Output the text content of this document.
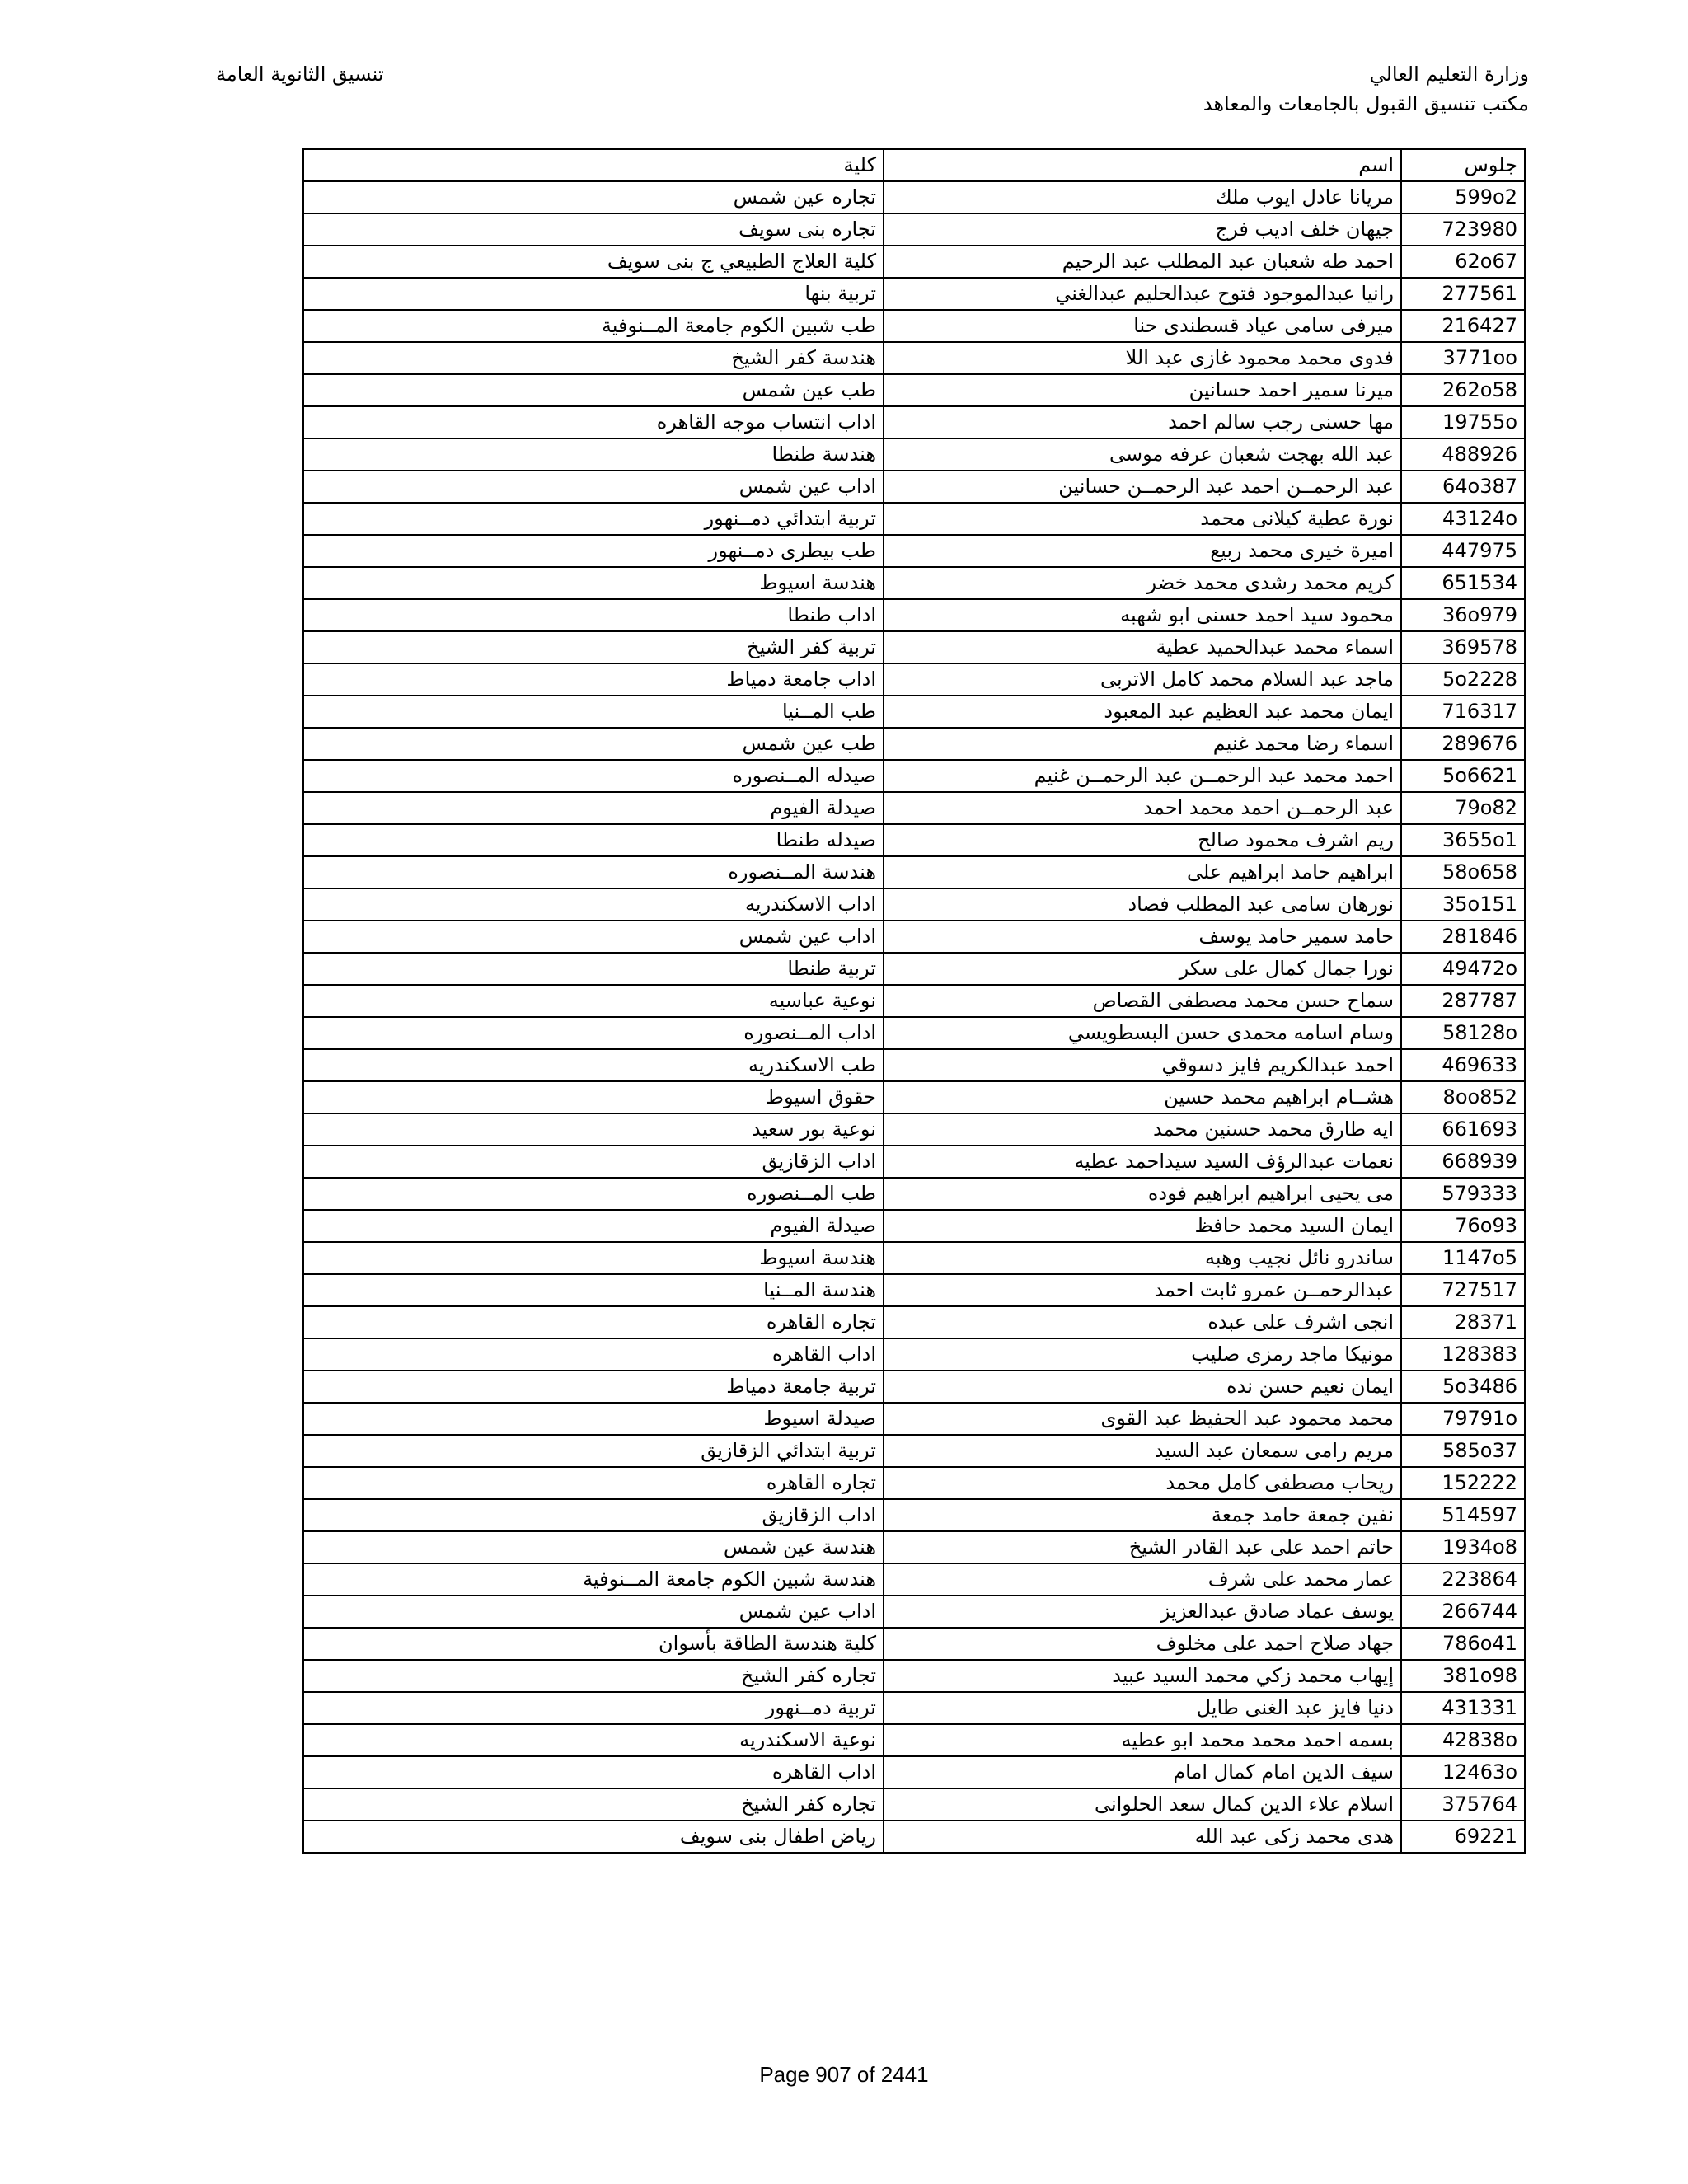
وزارة التعليم العالي
مكتب تنسيق القبول بالجامعات والمعاهد
تنسيق الثانوية العامة
جلوس	اسم	كلية
599o2	مريانا عادل ايوب ملك	تجاره عين شمس
723980	جيهان خلف اديب فرج	تجاره بنى سويف
62o67	احمد طه شعبان عبد المطلب عبد الرحيم	كلية العلاج الطبيعي ج بنى سويف
277561	رانيا عبدالموجود فتوح عبدالحليم عبدالغني	تربية بنها
216427	ميرفى سامى عياد قسطندى حنا	طب شبين الكوم جامعة المــنوفية
3771oo	فدوى محمد محمود غازى عبد اللا	هندسة كفر الشيخ
262o58	ميرنا سمير احمد حسانين	طب عين شمس
19755o	مها حسنى رجب سالم احمد	اداب انتساب موجه القاهره
488926	عبد الله بهجت شعبان عرفه موسى	هندسة طنطا
64o387	عبد الرحمــن احمد عبد الرحمــن حسانين	اداب عين شمس
43124o	نورة عطية كيلانى محمد	تربية ابتدائي دمــنهور
447975	اميرة خيرى محمد ربيع	طب بيطرى دمــنهور
651534	كريم محمد رشدى محمد خضر	هندسة اسيوط
36o979	محمود سيد احمد حسنى ابو شهبه	اداب طنطا
369578	اسماء محمد عبدالحميد عطية	تربية كفر الشيخ
5o2228	ماجد عبد السلام محمد كامل الاتربى	اداب جامعة دمياط
716317	ايمان محمد عبد العظيم عبد المعبود	طب المــنيا
289676	اسماء رضا محمد غنيم	طب عين شمس
5o6621	احمد محمد عبد الرحمــن عبد الرحمــن غنيم	صيدله المــنصوره
79o82	عبد الرحمــن احمد محمد احمد	صيدلة الفيوم
3655o1	ريم اشرف محمود صالح	صيدله طنطا
58o658	ابراهيم حامد ابراهيم على	هندسة المــنصوره
35o151	نورهان سامى عبد المطلب فصاد	اداب الاسكندريه
281846	حامد سمير حامد يوسف	اداب عين شمس
49472o	نورا جمال كمال على سكر	تربية طنطا
287787	سماح حسن محمد مصطفى القصاص	نوعية عباسيه
58128o	وسام اسامه محمدى حسن البسطويسي	اداب المــنصوره
469633	احمد عبدالكريم فايز دسوقي	طب الاسكندريه
8oo852	هشــام ابراهيم محمد حسين	حقوق اسيوط
661693	ايه طارق محمد حسنين محمد	نوعية بور سعيد
668939	نعمات عبدالرؤف السيد سيداحمد عطيه	اداب الزقازيق
579333	مى يحيى ابراهيم ابراهيم فوده	طب المــنصوره
76o93	ايمان السيد محمد حافظ	صيدلة الفيوم
1147o5	ساندرو نائل نجيب وهبه	هندسة اسيوط
727517	عبدالرحمــن عمرو ثابت احمد	هندسة المــنيا
28371	انجى اشرف على عبده	تجاره القاهره
128383	مونيكا ماجد رمزى صليب	اداب القاهره
5o3486	ايمان نعيم حسن نده	تربية جامعة دمياط
79791o	محمد محمود عبد الحفيظ عبد القوى	صيدلة اسيوط
585o37	مريم رامى سمعان عبد السيد	تربية ابتدائي الزقازيق
152222	ريحاب مصطفى كامل محمد	تجاره القاهره
514597	نفين جمعة حامد جمعة	اداب الزقازيق
1934o8	حاتم احمد على عبد القادر الشيخ	هندسة عين شمس
223864	عمار محمد على شرف	هندسة شبين الكوم جامعة المــنوفية
266744	يوسف عماد صادق عبدالعزيز	اداب عين شمس
786o41	جهاد صلاح احمد على مخلوف	كلية هندسة الطاقة بأسوان
381o98	إيهاب محمد زكي محمد السيد عبيد	تجاره كفر الشيخ
431331	دنيا فايز عبد الغنى طايل	تربية دمــنهور
42838o	بسمه احمد محمد محمد ابو عطيه	نوعية الاسكندريه
12463o	سيف الدين امام كمال امام	اداب القاهره
375764	اسلام علاء الدين كمال سعد الحلوانى	تجاره كفر الشيخ
69221	هدى محمد زكى عبد الله	رياض اطفال بنى سويف
Page 907 of 2441
